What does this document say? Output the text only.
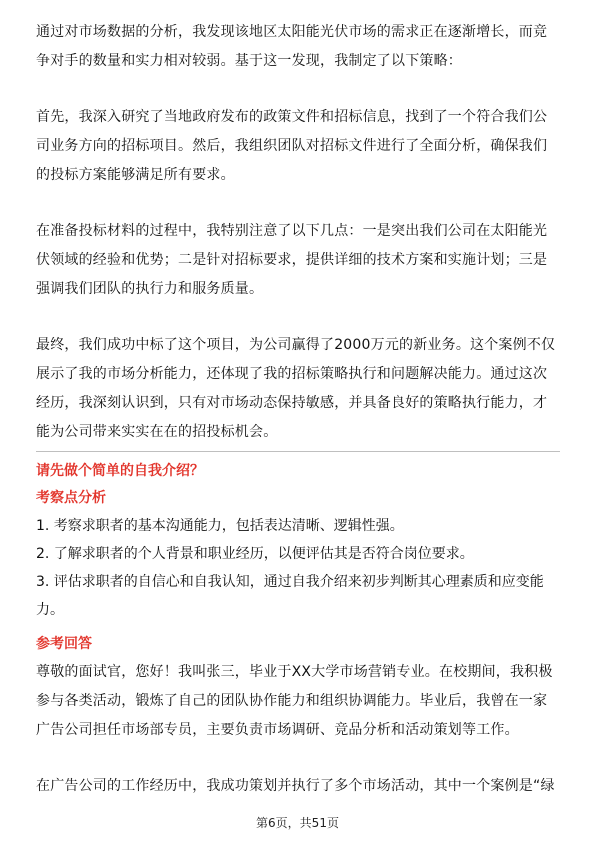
通过对市场数据的分析，我发现该地区太阳能光伏市场的需求正在逐渐增长，而竞争对手的数量和实力相对较弱。基于这一发现，我制定了以下策略：

首先，我深入研究了当地政府发布的政策文件和招标信息，找到了一个符合我们公司业务方向的招标项目。然后，我组织团队对招标文件进行了全面分析，确保我们的投标方案能够满足所有要求。

在准备投标材料的过程中，我特别注意了以下几点：一是突出我们公司在太阳能光伏领域的经验和优势；二是针对招标要求，提供详细的技术方案和实施计划；三是强调我们团队的执行力和服务质量。

最终，我们成功中标了这个项目，为公司赢得了2000万元的新业务。这个案例不仅展示了我的市场分析能力，还体现了我的招标策略执行和问题解决能力。通过这次经历，我深刻认识到，只有对市场动态保持敏感，并具备良好的策略执行能力，才能为公司带来实实在在的招投标机会。

请先做个简单的自我介绍？

考察点分析

1. 考察求职者的基本沟通能力，包括表达清晰、逻辑性强。

2. 了解求职者的个人背景和职业经历，以便评估其是否符合岗位要求。

3. 评估求职者的自信心和自我认知，通过自我介绍来初步判断其心理素质和应变能力。

参考回答

尊敬的面试官，您好！我叫张三，毕业于XX大学市场营销专业。在校期间，我积极参与各类活动，锻炼了自己的团队协作能力和组织协调能力。毕业后，我曾在一家广告公司担任市场部专员，主要负责市场调研、竞品分析和活动策划等工作。

在广告公司的工作经历中，我成功策划并执行了多个市场活动，其中一个案例是“绿

第6页，共51页
